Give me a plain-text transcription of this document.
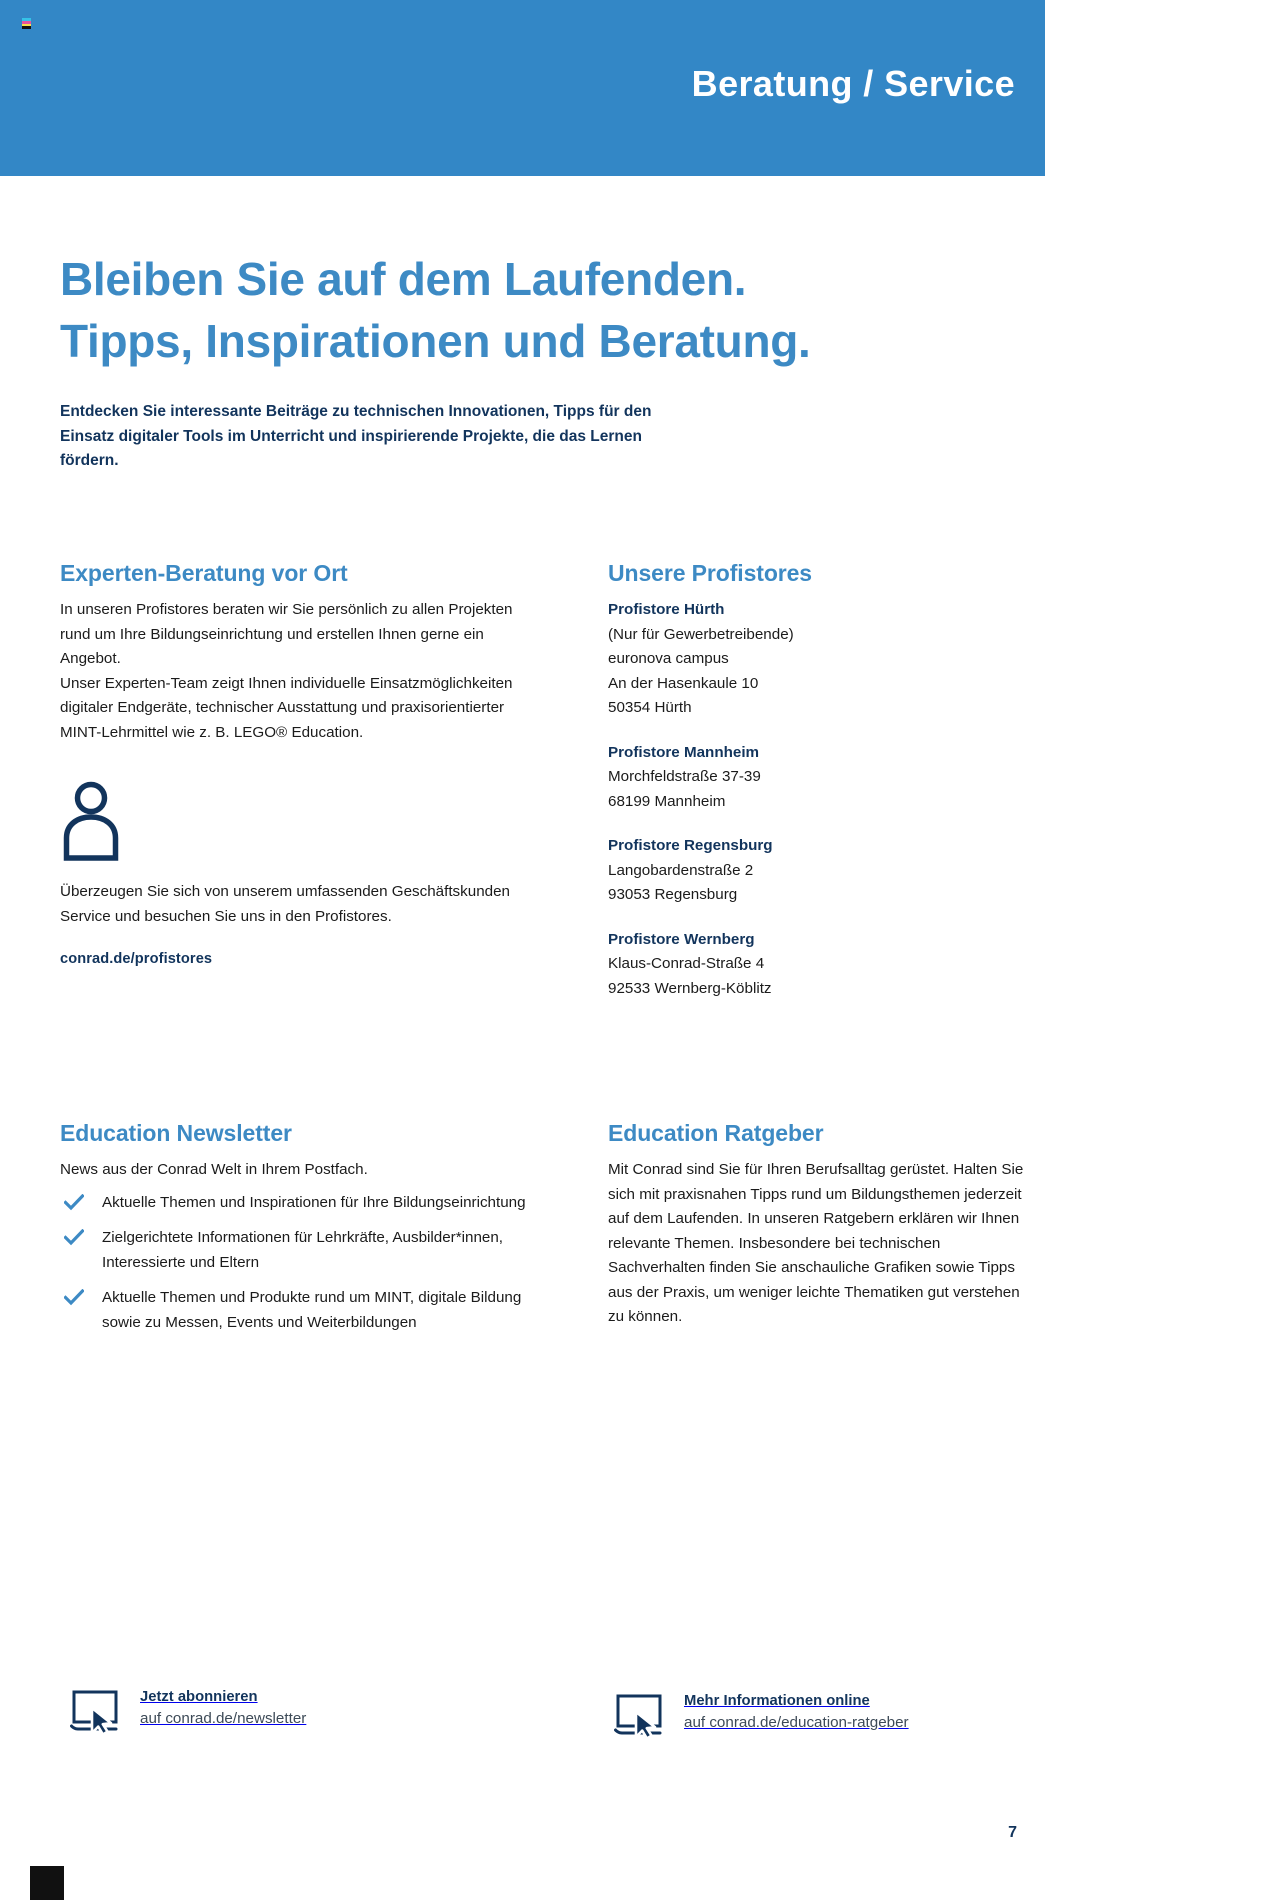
Beratung / Service
Bleiben Sie auf dem Laufenden.
Tipps, Inspirationen und Beratung.
Entdecken Sie interessante Beiträge zu technischen Innovationen, Tipps für den Einsatz digitaler Tools im Unterricht und inspirierende Projekte, die das Lernen fördern.
Experten-Beratung vor Ort

In unseren Profistores beraten wir Sie persönlich zu allen Projekten rund um Ihre Bildungseinrichtung und erstellen Ihnen gerne ein Angebot.

Unser Experten-Team zeigt Ihnen individuelle Einsatzmöglichkeiten digitaler Endgeräte, technischer Ausstattung und praxisorientierter MINT-Lehrmittel wie z. B. LEGO® Education.

Überzeugen Sie sich von unserem umfassenden Geschäftskunden Service und besuchen Sie uns in den Profistores.

conrad.de/profistores
Unsere Profistores
Profistore Hürth
(Nur für Gewerbetreibende)
euronova campus
An der Hasenkaule 10
50354 Hürth
Profistore Mannheim
Morchfeldstraße 37-39
68199 Mannheim
Profistore Regensburg
Langobardenstraße 2
93053 Regensburg
Profistore Wernberg
Klaus-Conrad-Straße 4
92533 Wernberg-Köblitz
Education Newsletter

News aus der Conrad Welt in Ihrem Postfach.

Aktuelle Themen und Inspirationen für Ihre Bildungseinrichtung
Zielgerichtete Informationen für Lehrkräfte, Ausbilder*innen, Interessierte und Eltern
Aktuelle Themen und Produkte rund um MINT, digitale Bildung sowie zu Messen, Events und Weiterbildungen
Education Ratgeber

Mit Conrad sind Sie für Ihren Berufsalltag gerüstet. Halten Sie sich mit praxisnahen Tipps rund um Bildungsthemen jederzeit auf dem Laufenden. In unseren Ratgebern erklären wir Ihnen relevante Themen. Insbesondere bei technischen Sachverhalten finden Sie anschauliche Grafiken sowie Tipps aus der Praxis, um weniger leichte Thematiken gut verstehen zu können.

Jetzt abonnieren
auf conrad.de/newsletter
Mehr Informationen online
auf conrad.de/education-ratgeber
7
